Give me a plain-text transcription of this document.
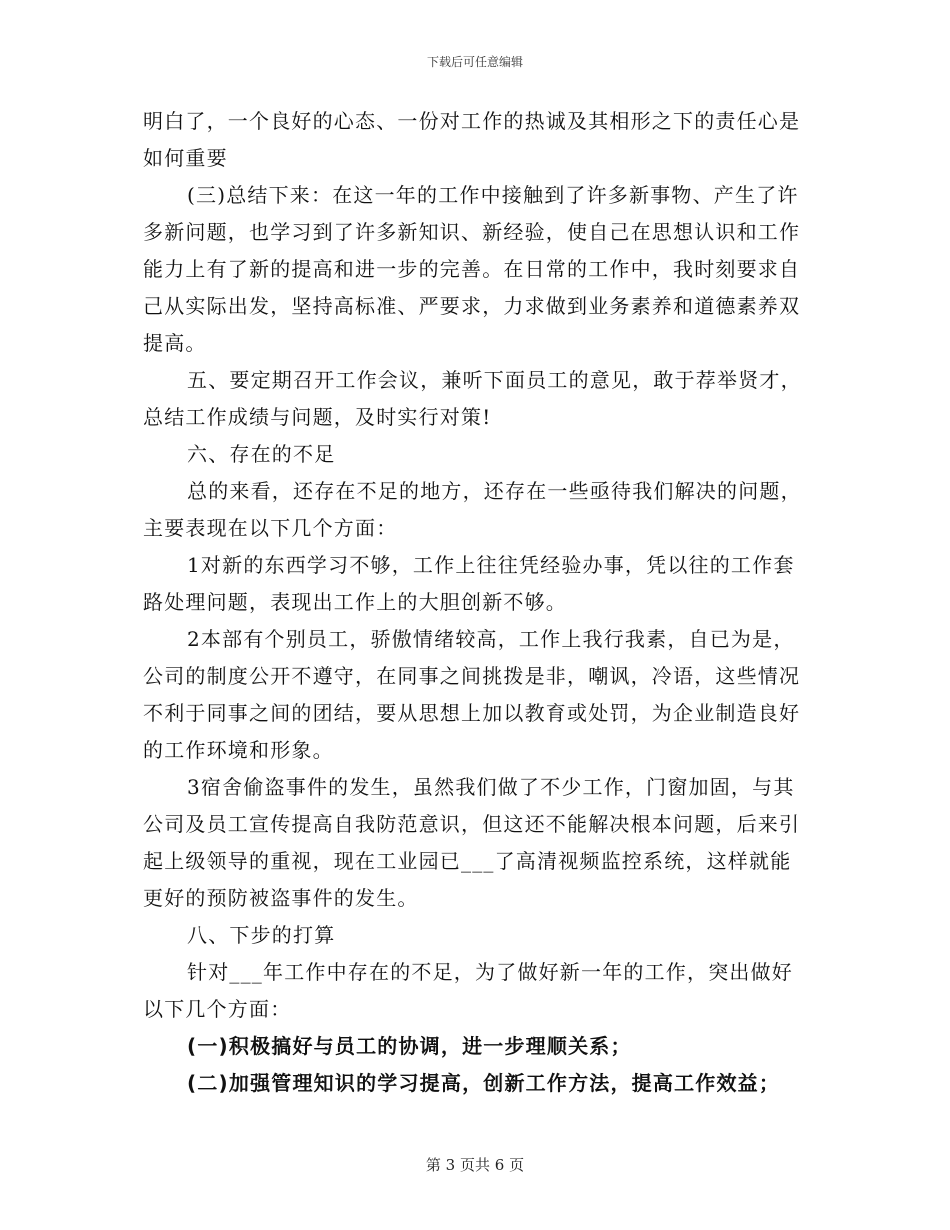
下载后可任意编辑

明白了，一个良好的心态、一份对工作的热诚及其相形之下的责任心是如何重要

(三)总结下来：在这一年的工作中接触到了许多新事物、产生了许多新问题，也学习到了许多新知识、新经验，使自己在思想认识和工作能力上有了新的提高和进一步的完善。在日常的工作中，我时刻要求自己从实际出发，坚持高标准、严要求，力求做到业务素养和道德素养双提高。

五、要定期召开工作会议，兼听下面员工的意见，敢于荐举贤才，总结工作成绩与问题，及时实行对策!

六、存在的不足

总的来看，还存在不足的地方，还存在一些亟待我们解决的问题，主要表现在以下几个方面：

1对新的东西学习不够，工作上往往凭经验办事，凭以往的工作套路处理问题，表现出工作上的大胆创新不够。

2本部有个别员工，骄傲情绪较高，工作上我行我素，自已为是，公司的制度公开不遵守，在同事之间挑拨是非，嘲讽，冷语，这些情况不利于同事之间的团结，要从思想上加以教育或处罚，为企业制造良好的工作环境和形象。

3宿舍偷盗事件的发生，虽然我们做了不少工作，门窗加固，与其公司及员工宣传提高自我防范意识，但这还不能解决根本问题，后来引起上级领导的重视，现在工业园已___了高清视频监控系统，这样就能更好的预防被盗事件的发生。

八、下步的打算

针对___年工作中存在的不足，为了做好新一年的工作，突出做好以下几个方面：

(一)积极搞好与员工的协调，进一步理顺关系；

(二)加强管理知识的学习提高，创新工作方法，提高工作效益；

第 3 页共 6 页
